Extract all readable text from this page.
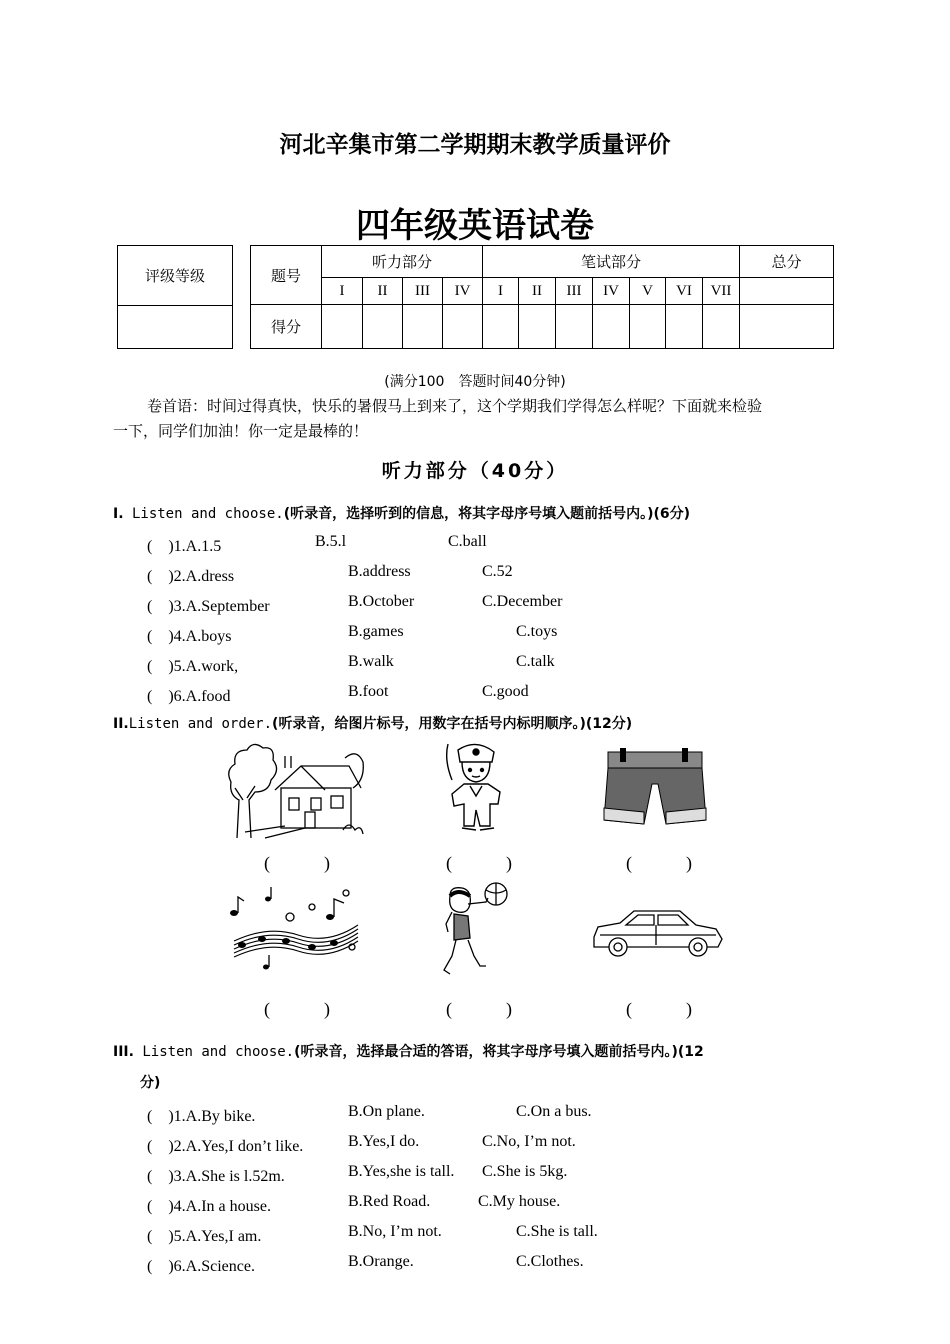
河北辛集市第二学期期末教学质量评价
四年级英语试卷
评级等级	题号	听力部分				笔试部分							总分
	I	II	III	IV	I	II	III	IV	V	VI	VII	
得分												
(满分100　答题时间40分钟)
卷首语：时间过得真快，快乐的暑假马上到来了，这个学期我们学得怎么样呢？下面就来检验
一下，同学们加油！你一定是最棒的！
听力部分（40分）
I. Listen and choose.(听录音，选择听到的信息，将其字母序号填入题前括号内。)(6分)
(　)1.A.1.5	B.5.l	C.ball
(　)2.A.dress	B.address	C.52
(　)3.A.September	B.October	C.December
(　)4.A.boys	B.games	C.toys
(　)5.A.work,	B.walk	C.talk
(　)6.A.food	B.foot	C.good
II.Listen and order.(听录音，给图片标号，用数字在括号内标明顺序。)(12分)
(　　　)	(　　　)	(　　　)
(　　　)	(　　　)	(　　　)
III. Listen and choose.(听录音，选择最合适的答语，将其字母序号填入题前括号内。)(12
分)
(　)1.A.By bike.	B.On plane.	C.On a bus.
(　)2.A.Yes,I don’t like.	B.Yes,I do.	C.No, I’m not.
(　)3.A.She is l.52m.	B.Yes,she is tall. C.She is 5kg.
(　)4.A.In a house.	B.Red Road.	C.My house.
(　)5.A.Yes,I am.	B.No, I’m not.	C.She is tall.
(　)6.A.Science.	B.Orange.	C.Clothes.
